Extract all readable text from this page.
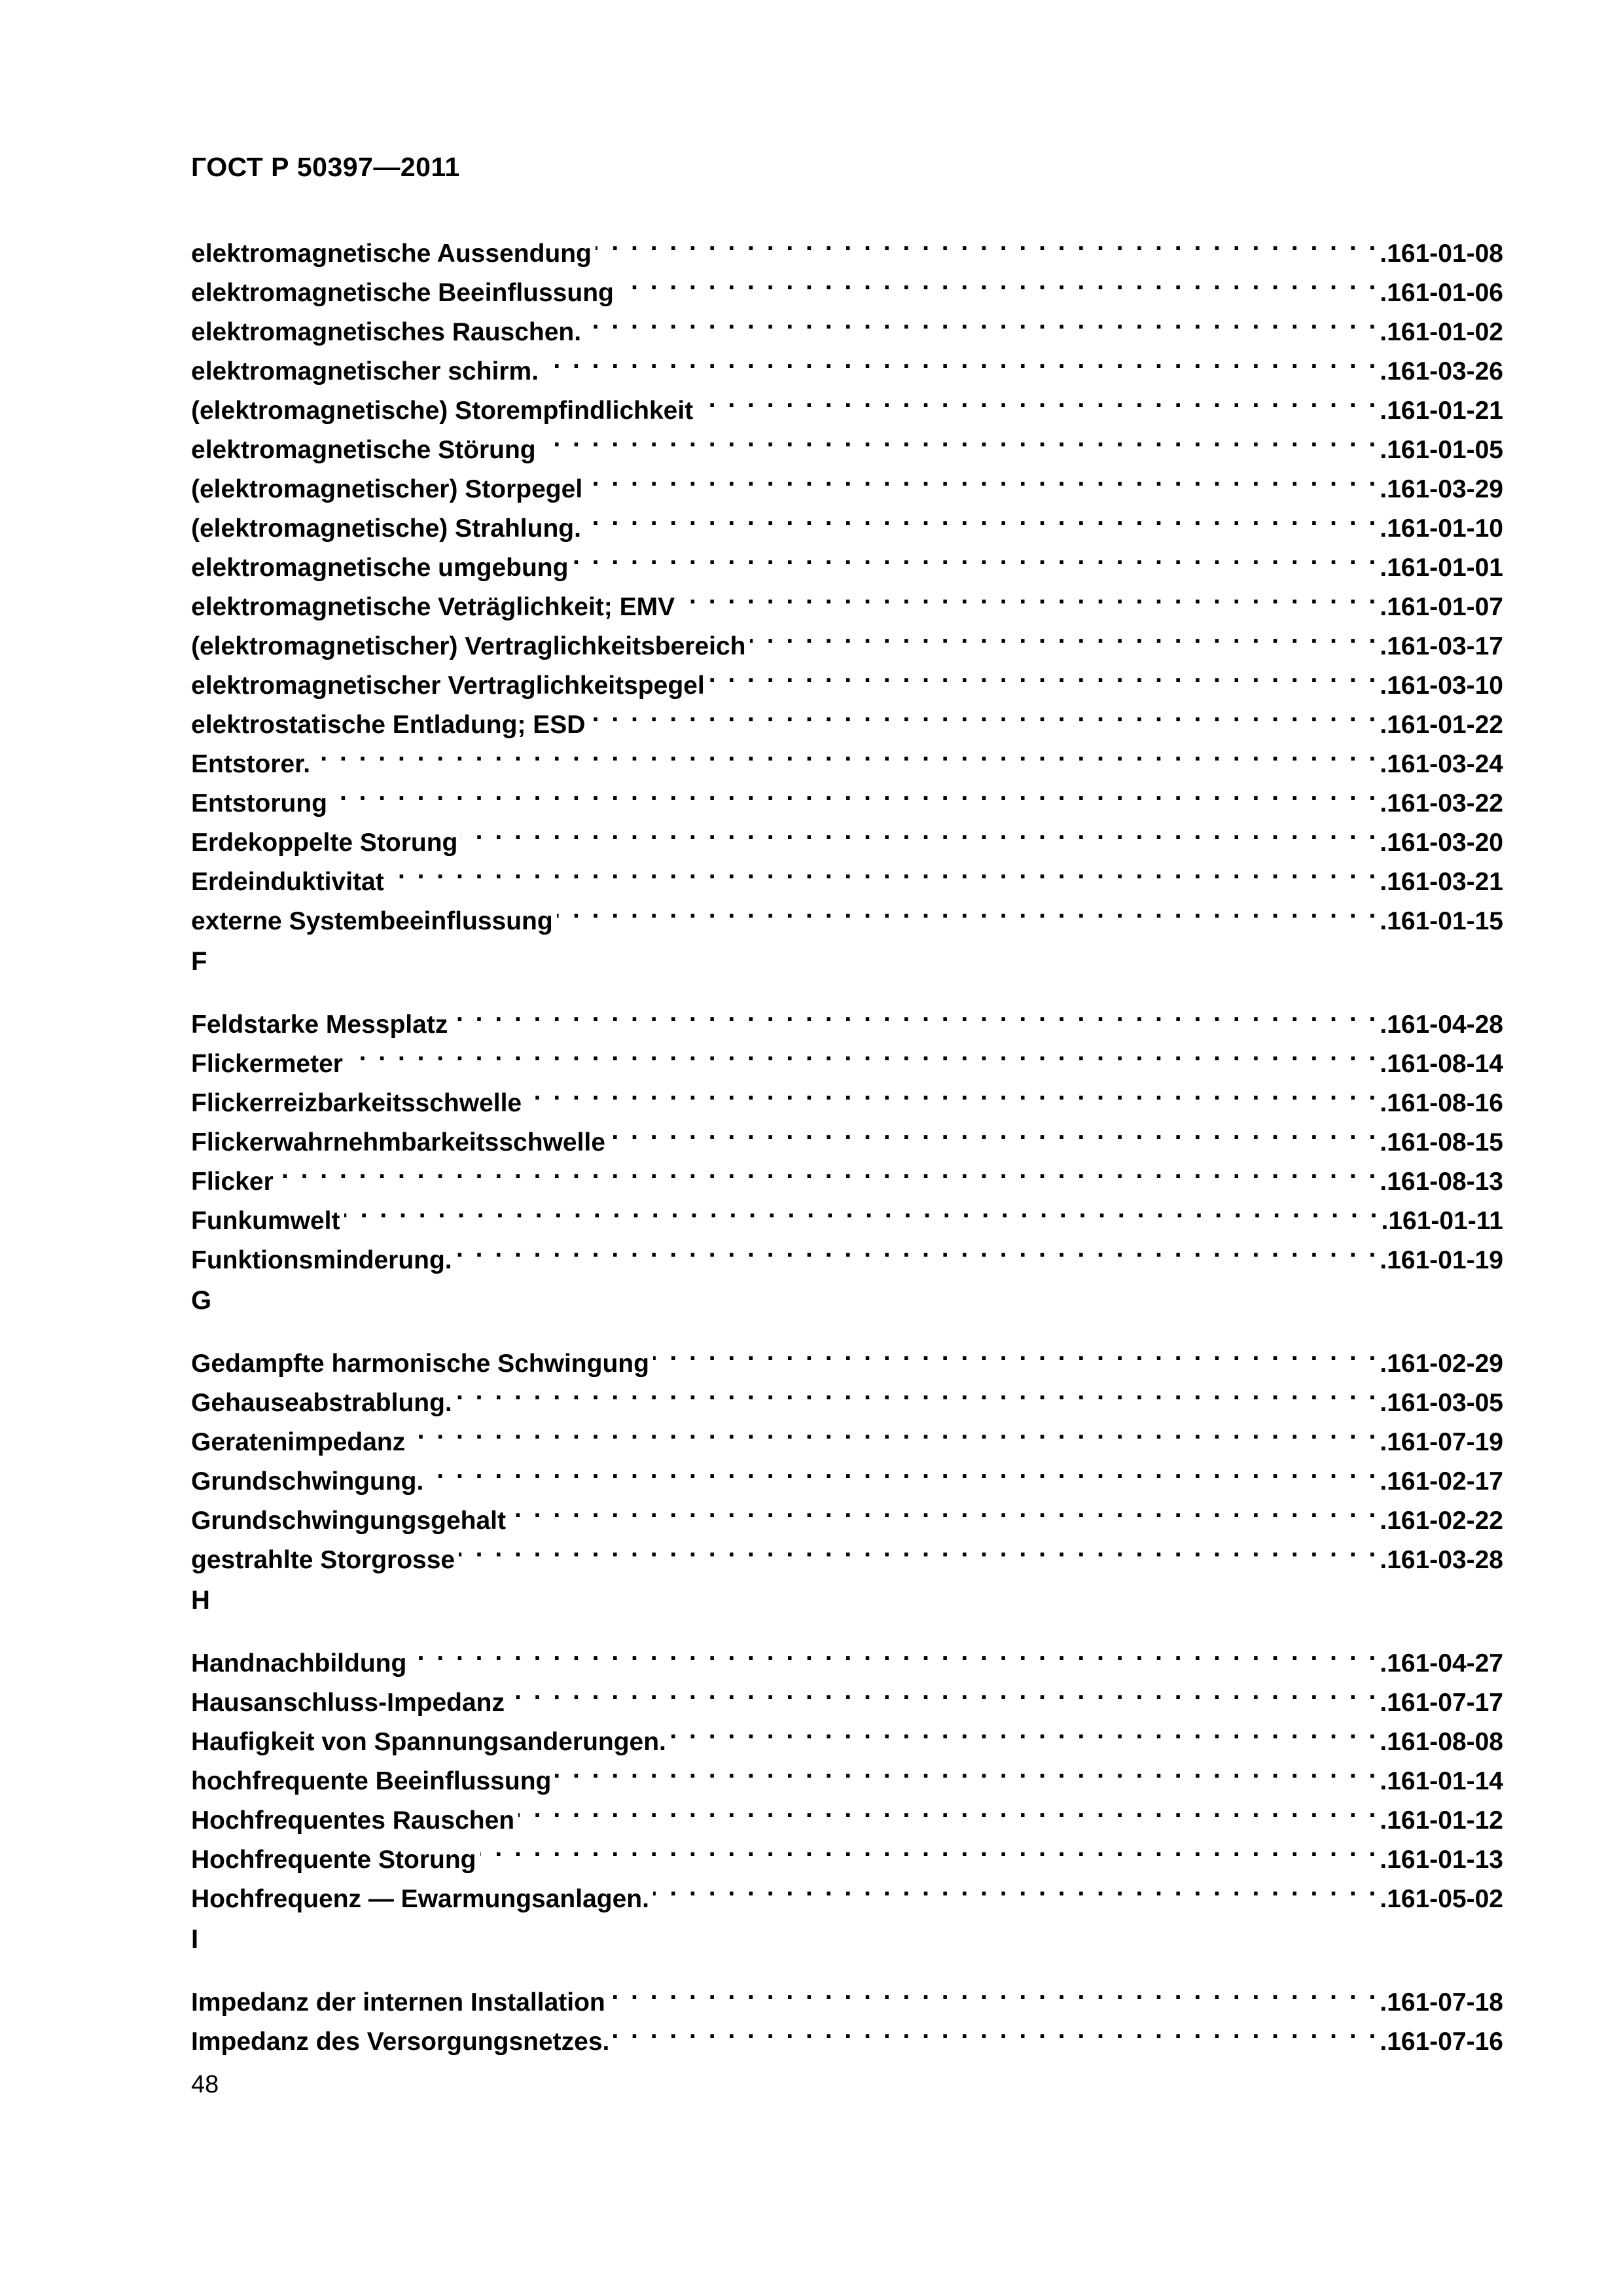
ГОСТ Р 50397—2011
elektromagnetische Aussendung . . .	.161-01-08
elektromagnetische Beeinflussung . . .	.161-01-06
elektromagnetisches Rauschen. . . .	.161-01-02
elektromagnetischer schirm. . . .	.161-03-26
(elektromagnetische) Storempfindlichkeit . . .	.161-01-21
elektromagnetische Störung . . .	.161-01-05
(elektromagnetischer) Storpegel . . .	.161-03-29
(elektromagnetische) Strahlung. . . .	.161-01-10
elektromagnetische umgebung . . .	.161-01-01
elektromagnetische Veträglichkeit; EMV . . .	.161-01-07
(elektromagnetischer) Vertraglichkeitsbereich . . .	.161-03-17
elektromagnetischer Vertraglichkeitspegel . . .	.161-03-10
elektrostatische Entladung; ESD . . .	.161-01-22
Entstorer. . . .	.161-03-24
Entstorung . . .	.161-03-22
Erdekoppelte Storung . . .	.161-03-20
Erdeinduktivitat . . .	.161-03-21
externe Systembeeinflussung . . .	.161-01-15
F
Feldstarke Messplatz . . .	.161-04-28
Flickermeter . . .	.161-08-14
Flickerreizbarkeitsschwelle . . .	.161-08-16
Flickerwahrnehmbarkeitsschwelle . . .	.161-08-15
Flicker . . .	.161-08-13
Funkumwelt . . .	.161-01-11
Funktionsminderung. . . .	.161-01-19
G
Gedampfte harmonische Schwingung . . .	.161-02-29
Gehauseabstrablung. . . .	.161-03-05
Geratenimpedanz . . .	.161-07-19
Grundschwingung. . . .	.161-02-17
Grundschwingungsgehalt . . .	.161-02-22
gestrahlte Storgrosse . . .	.161-03-28
H
Handnachbildung . . .	.161-04-27
Hausanschluss-Impedanz . . .	.161-07-17
Haufigkeit von Spannungsanderungen. . . .	.161-08-08
hochfrequente Beeinflussung . . .	.161-01-14
Hochfrequentes Rauschen . . .	.161-01-12
Hochfrequente Storung . . .	.161-01-13
Hochfrequenz — Ewarmungsanlagen. . . .	.161-05-02
I
Impedanz der internen Installation . . .	.161-07-18
Impedanz des Versorgungsnetzes. . . .	.161-07-16
48
